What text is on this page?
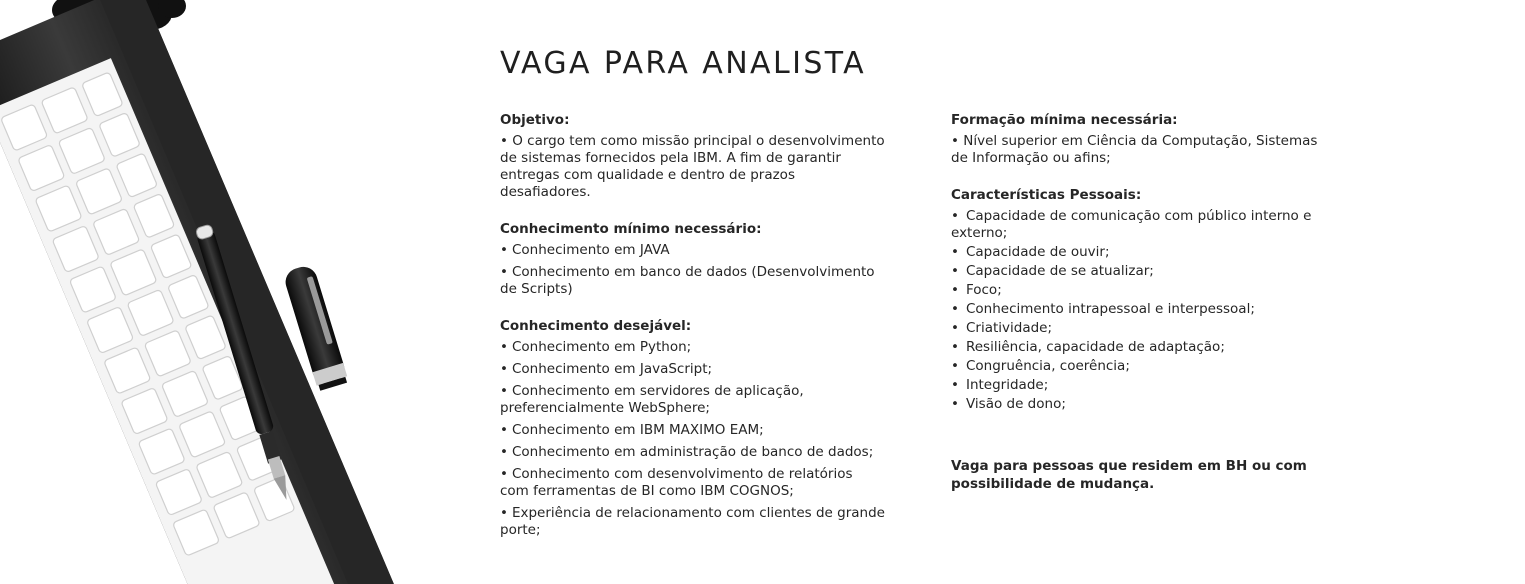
VAGA PARA ANALISTA
Objetivo:

• O cargo tem como missão principal o desenvolvimento de sistemas fornecidos pela IBM. A fim de garantir entregas com qualidade e dentro de prazos desafiadores.

Conhecimento mínimo necessário:
• Conhecimento em JAVA
• Conhecimento em banco de dados (Desenvolvimento de Scripts)
Conhecimento desejável:
• Conhecimento em Python;
• Conhecimento em JavaScript;
• Conhecimento em servidores de aplicação, preferencialmente WebSphere;
• Conhecimento em IBM MAXIMO EAM;
• Conhecimento em administração de banco de dados;
• Conhecimento com desenvolvimento de relatórios com ferramentas de BI como IBM COGNOS;
• Experiência de relacionamento com clientes de grande porte;
Formação mínima necessária:

• Nível superior em Ciência da Computação, Sistemas de Informação ou afins;

Características Pessoais:
• Capacidade de comunicação com público interno e externo;
• Capacidade de ouvir;
• Capacidade de se atualizar;
• Foco;
• Conhecimento intrapessoal e interpessoal;
• Criatividade;
• Resiliência, capacidade de adaptação;
• Congruência, coerência;
• Integridade;
• Visão de dono;

Vaga para pessoas que residem em BH ou com possibilidade de mudança.
